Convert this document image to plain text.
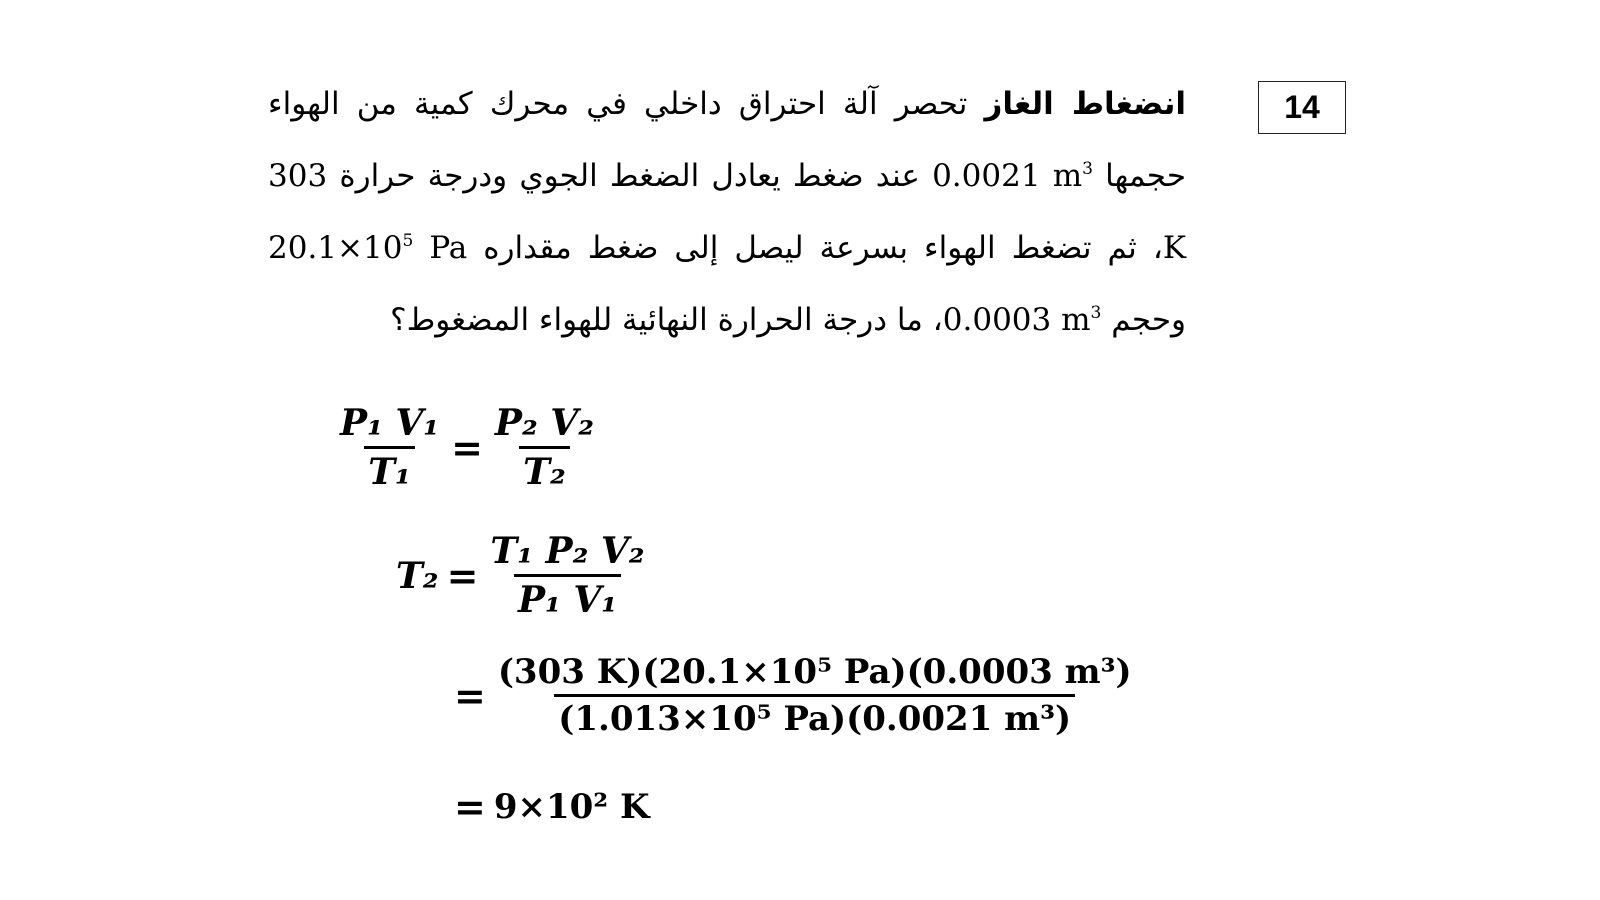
14
انضغاط الغاز تحصر آلة احتراق داخلي في محرك كمية من الهواء حجمها 0.0021 $m^3$ عند ضغط يعادل الضغط الجوي ودرجة حرارة 303 K، ثم تضغط الهواء بسرعة ليصل إلى ضغط مقداره $20.1\times 10^5$ Pa وحجم 0.0003 $m^3،$ ما درجة الحرارة النهائية للهواء المضغوط؟
$\frac{\text{P₁ V₁}}{\text{T₁}} = \frac{\text{P₂ V₂}}{\text{T₂}}$
$T_2 = \frac{\text{T₁ P₂ V₂}}{\text{P₁ V₁}}$
= $\frac{\text{(303 K)(20.1×10⁵ Pa)(0.0003 m³)}}{\text{(1.013×10⁵ Pa)(0.0021 m³)}}$
= 9×10² K
